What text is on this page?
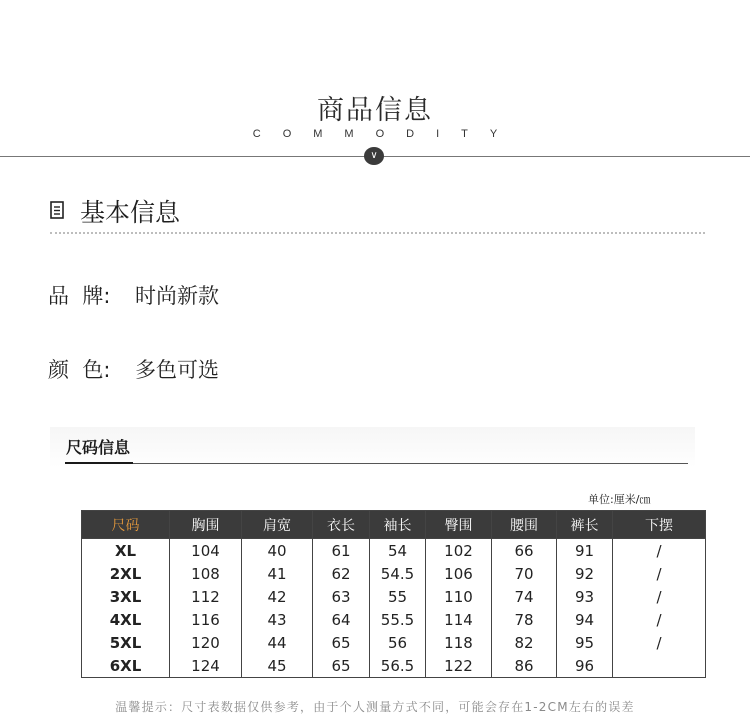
商品信息
COMMODITY
∨
基本信息
品  牌: 时尚新款
颜  色: 多色可选
尺码信息
单位:厘米/㎝
尺码	胸围	肩宽	衣长	袖长	臀围	腰围	裤长	下摆
XL	104	40	61	54	102	66	91	/
2XL	108	41	62	54.5	106	70	92	/
3XL	112	42	63	55	110	74	93	/
4XL	116	43	64	55.5	114	78	94	/
5XL	120	44	65	56	118	82	95	/
6XL	124	45	65	56.5	122	86	96	
温馨提示：尺寸表数据仅供参考，由于个人测量方式不同，可能会存在1-2CM左右的误差
